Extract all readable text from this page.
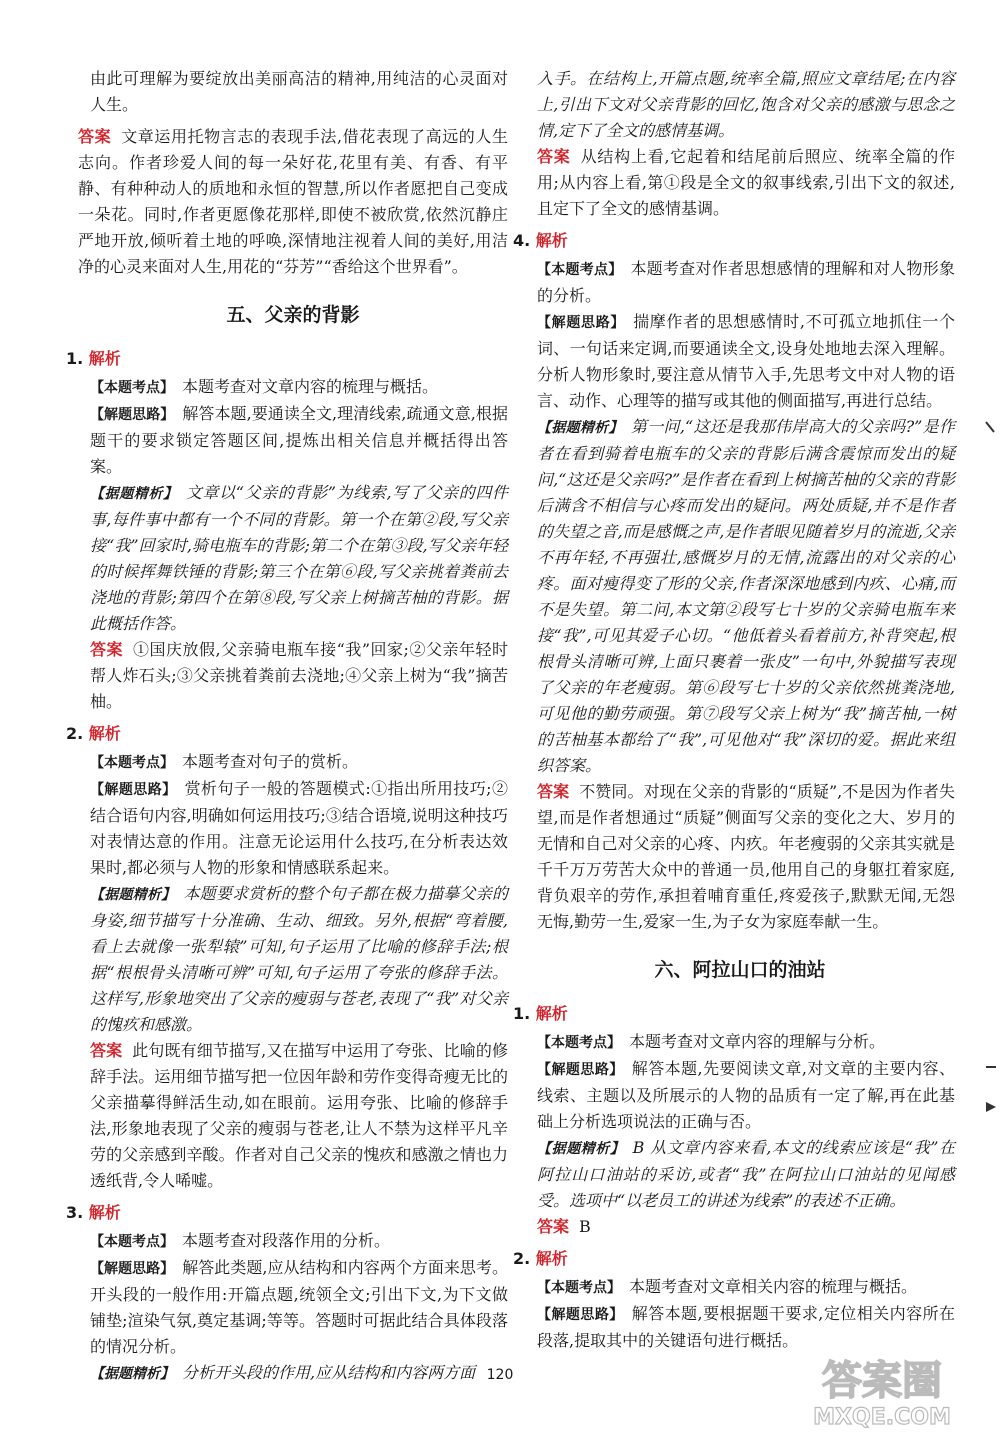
由此可理解为要绽放出美丽高洁的精神,用纯洁的心灵面对人生。

答案 文章运用托物言志的表现手法,借花表现了高远的人生志向。作者珍爱人间的每一朵好花,花里有美、有香、有平静、有种种动人的质地和永恒的智慧,所以作者愿把自己变成一朵花。同时,作者更愿像花那样,即使不被欣赏,依然沉静庄严地开放,倾听着土地的呼唤,深情地注视着人间的美好,用洁净的心灵来面对人生,用花的“芬芳”“香给这个世界看”。

五、父亲的背影
1. 解析

【本题考点】 本题考查对文章内容的梳理与概括。

【解题思路】 解答本题,要通读全文,理清线索,疏通文意,根据题干的要求锁定答题区间,提炼出相关信息并概括得出答案。

【据题精析】 文章以“父亲的背影”为线索,写了父亲的四件事,每件事中都有一个不同的背影。第一个在第②段,写父亲接“我”回家时,骑电瓶车的背影;第二个在第③段,写父亲年轻的时候挥舞铁锤的背影;第三个在第⑥段,写父亲挑着粪前去浇地的背影;第四个在第⑧段,写父亲上树摘苦柚的背影。据此概括作答。

答案 ①国庆放假,父亲骑电瓶车接“我”回家;②父亲年轻时帮人炸石头;③父亲挑着粪前去浇地;④父亲上树为“我”摘苦柚。

2. 解析

【本题考点】 本题考查对句子的赏析。

【解题思路】 赏析句子一般的答题模式:①指出所用技巧;②结合语句内容,明确如何运用技巧;③结合语境,说明这种技巧对表情达意的作用。注意无论运用什么技巧,在分析表达效果时,都必须与人物的形象和情感联系起来。

【据题精析】 本题要求赏析的整个句子都在极力描摹父亲的身姿,细节描写十分准确、生动、细致。另外,根据“弯着腰,看上去就像一张犁辕”可知,句子运用了比喻的修辞手法;根据“根根骨头清晰可辨”可知,句子运用了夸张的修辞手法。这样写,形象地突出了父亲的瘦弱与苍老,表现了“我”对父亲的愧疚和感激。

答案 此句既有细节描写,又在描写中运用了夸张、比喻的修辞手法。运用细节描写把一位因年龄和劳作变得奇瘦无比的父亲描摹得鲜活生动,如在眼前。运用夸张、比喻的修辞手法,形象地表现了父亲的瘦弱与苍老,让人不禁为这样平凡辛劳的父亲感到辛酸。作者对自己父亲的愧疚和感激之情也力透纸背,令人唏嘘。

3. 解析

【本题考点】 本题考查对段落作用的分析。

【解题思路】 解答此类题,应从结构和内容两个方面来思考。开头段的一般作用:开篇点题,统领全文;引出下文,为下文做铺垫;渲染气氛,奠定基调;等等。答题时可据此结合具体段落的情况分析。

【据题精析】 分析开头段的作用,应从结构和内容两方面

入手。在结构上,开篇点题,统率全篇,照应文章结尾;在内容上,引出下文对父亲背影的回忆,饱含对父亲的感激与思念之情,定下了全文的感情基调。

答案 从结构上看,它起着和结尾前后照应、统率全篇的作用;从内容上看,第①段是全文的叙事线索,引出下文的叙述,且定下了全文的感情基调。

4. 解析

【本题考点】 本题考查对作者思想感情的理解和对人物形象的分析。

【解题思路】 揣摩作者的思想感情时,不可孤立地抓住一个词、一句话来定调,而要通读全文,设身处地地去深入理解。分析人物形象时,要注意从情节入手,先思考文中对人物的语言、动作、心理等的描写或其他的侧面描写,再进行总结。

【据题精析】 第一问,“这还是我那伟岸高大的父亲吗?”是作者在看到骑着电瓶车的父亲的背影后满含震惊而发出的疑问,“这还是父亲吗?”是作者在看到上树摘苦柚的父亲的背影后满含不相信与心疼而发出的疑问。两处质疑,并不是作者的失望之音,而是感慨之声,是作者眼见随着岁月的流逝,父亲不再年轻,不再强壮,感慨岁月的无情,流露出的对父亲的心疼。面对瘦得变了形的父亲,作者深深地感到内疚、心痛,而不是失望。第二问,本文第②段写七十岁的父亲骑电瓶车来接“我”,可见其爱子心切。“他低着头看着前方,补背突起,根根骨头清晰可辨,上面只裹着一张皮”一句中,外貌描写表现了父亲的年老瘦弱。第⑥段写七十岁的父亲依然挑粪浇地,可见他的勤劳顽强。第⑦段写父亲上树为“我”摘苦柚,一树的苦柚基本都给了“我”,可见他对“我”深切的爱。据此来组织答案。

答案 不赞同。对现在父亲的背影的“质疑”,不是因为作者失望,而是作者想通过“质疑”侧面写父亲的变化之大、岁月的无情和自己对父亲的心疼、内疚。年老瘦弱的父亲其实就是千千万万劳苦大众中的普通一员,他用自己的身躯扛着家庭,背负艰辛的劳作,承担着哺育重任,疼爱孩子,默默无闻,无怨无悔,勤劳一生,爱家一生,为子女为家庭奉献一生。

六、阿拉山口的油站
1. 解析

【本题考点】 本题考查对文章内容的理解与分析。

【解题思路】 解答本题,先要阅读文章,对文章的主要内容、线索、主题以及所展示的人物的品质有一定了解,再在此基础上分析选项说法的正确与否。

【据题精析】 B 从文章内容来看,本文的线索应该是“我”在阿拉山口油站的采访,或者“我”在阿拉山口油站的见闻感受。选项中“以老员工的讲述为线索”的表述不正确。

答案 B

2. 解析

【本题考点】 本题考查对文章相关内容的梳理与概括。

【解题思路】 解答本题,要根据题干要求,定位相关内容所在段落,提取其中的关键语句进行概括。

120	答案圈
MXQE.COM
